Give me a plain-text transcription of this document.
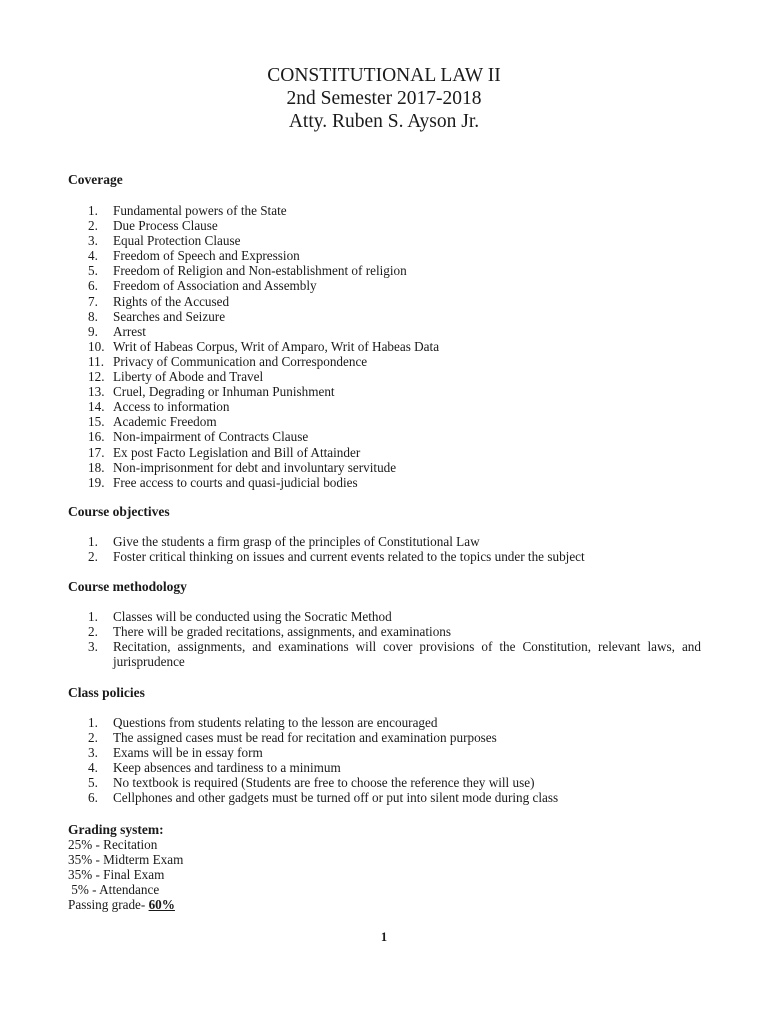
CONSTITUTIONAL LAW II
2nd Semester 2017-2018
Atty. Ruben S. Ayson Jr.
Coverage
1. Fundamental powers of the State
2. Due Process Clause
3. Equal Protection Clause
4. Freedom of Speech and Expression
5. Freedom of Religion and Non-establishment of religion
6. Freedom of Association and Assembly
7. Rights of the Accused
8. Searches and Seizure
9. Arrest
10. Writ of Habeas Corpus, Writ of Amparo, Writ of Habeas Data
11. Privacy of Communication and Correspondence
12. Liberty of Abode and Travel
13. Cruel, Degrading or Inhuman Punishment
14. Access to information
15. Academic Freedom
16. Non-impairment of Contracts Clause
17. Ex post Facto Legislation and Bill of Attainder
18. Non-imprisonment for debt and involuntary servitude
19. Free access to courts and quasi-judicial bodies
Course objectives
1. Give the students a firm grasp of the principles of Constitutional Law
2. Foster critical thinking on issues and current events related to the topics under the subject
Course methodology
1. Classes will be conducted using the Socratic Method
2. There will be graded recitations, assignments, and examinations
3. Recitation, assignments, and examinations will cover provisions of the Constitution, relevant laws, and jurisprudence
Class policies
1. Questions from students relating to the lesson are encouraged
2. The assigned cases must be read for recitation and examination purposes
3. Exams will be in essay form
4. Keep absences and tardiness to a minimum
5. No textbook is required (Students are free to choose the reference they will use)
6. Cellphones and other gadgets must be turned off or put into silent mode during class
Grading system:
25% - Recitation
35% - Midterm Exam
35% - Final Exam
5% - Attendance
Passing grade- 60%
1
